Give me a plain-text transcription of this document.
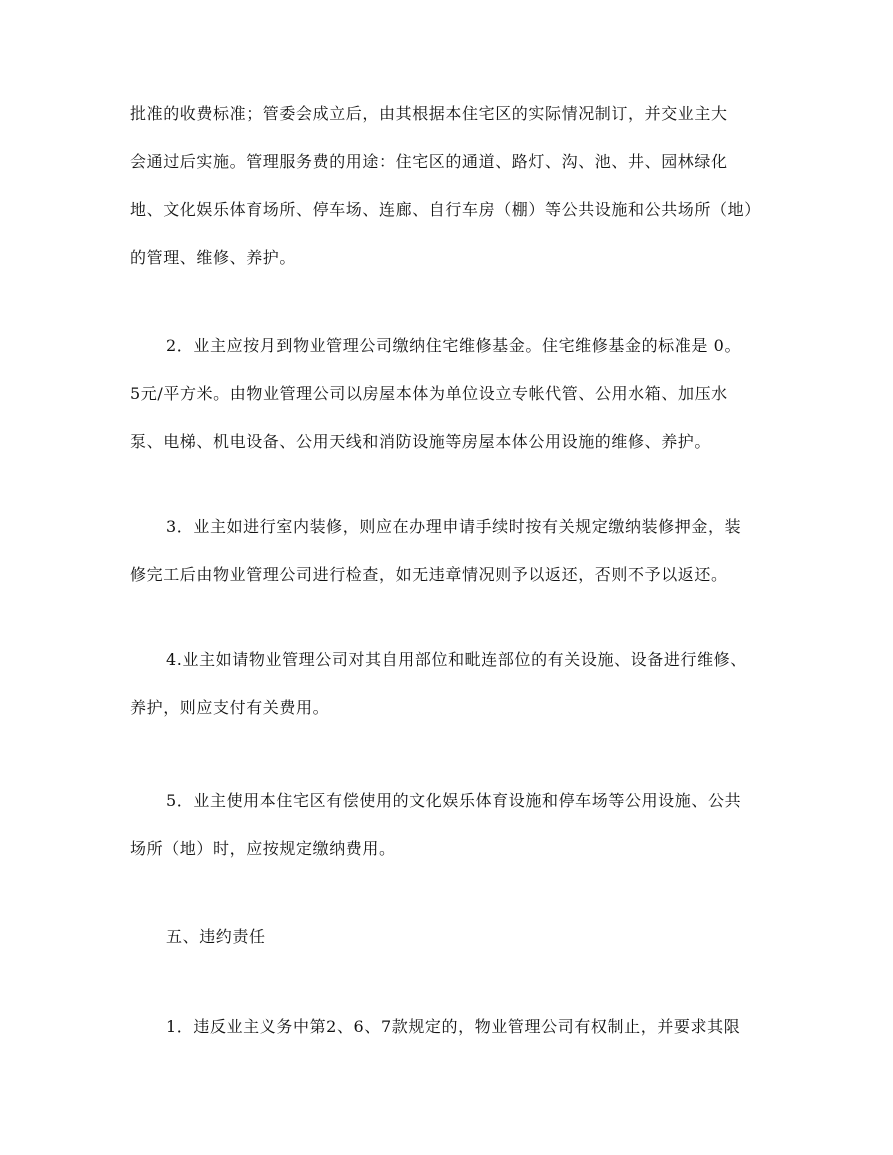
批准的收费标准；管委会成立后，由其根据本住宅区的实际情况制订，并交业主大
会通过后实施。管理服务费的用途：住宅区的通道、路灯、沟、池、井、园林绿化
地、文化娱乐体育场所、停车场、连廊、自行车房（棚）等公共设施和公共场所（地）
的管理、维修、养护。
2．业主应按月到物业管理公司缴纳住宅维修基金。住宅维修基金的标准是 0。
5元/平方米。由物业管理公司以房屋本体为单位设立专帐代管、公用水箱、加压水
泵、电梯、机电设备、公用天线和消防设施等房屋本体公用设施的维修、养护。
3．业主如进行室内装修，则应在办理申请手续时按有关规定缴纳装修押金，装
修完工后由物业管理公司进行检查，如无违章情况则予以返还，否则不予以返还。
4.业主如请物业管理公司对其自用部位和毗连部位的有关设施、设备进行维修、
养护，则应支付有关费用。
5．业主使用本住宅区有偿使用的文化娱乐体育设施和停车场等公用设施、公共
场所（地）时，应按规定缴纳费用。
五、违约责任
1．违反业主义务中第2、6、7款规定的，物业管理公司有权制止，并要求其限
